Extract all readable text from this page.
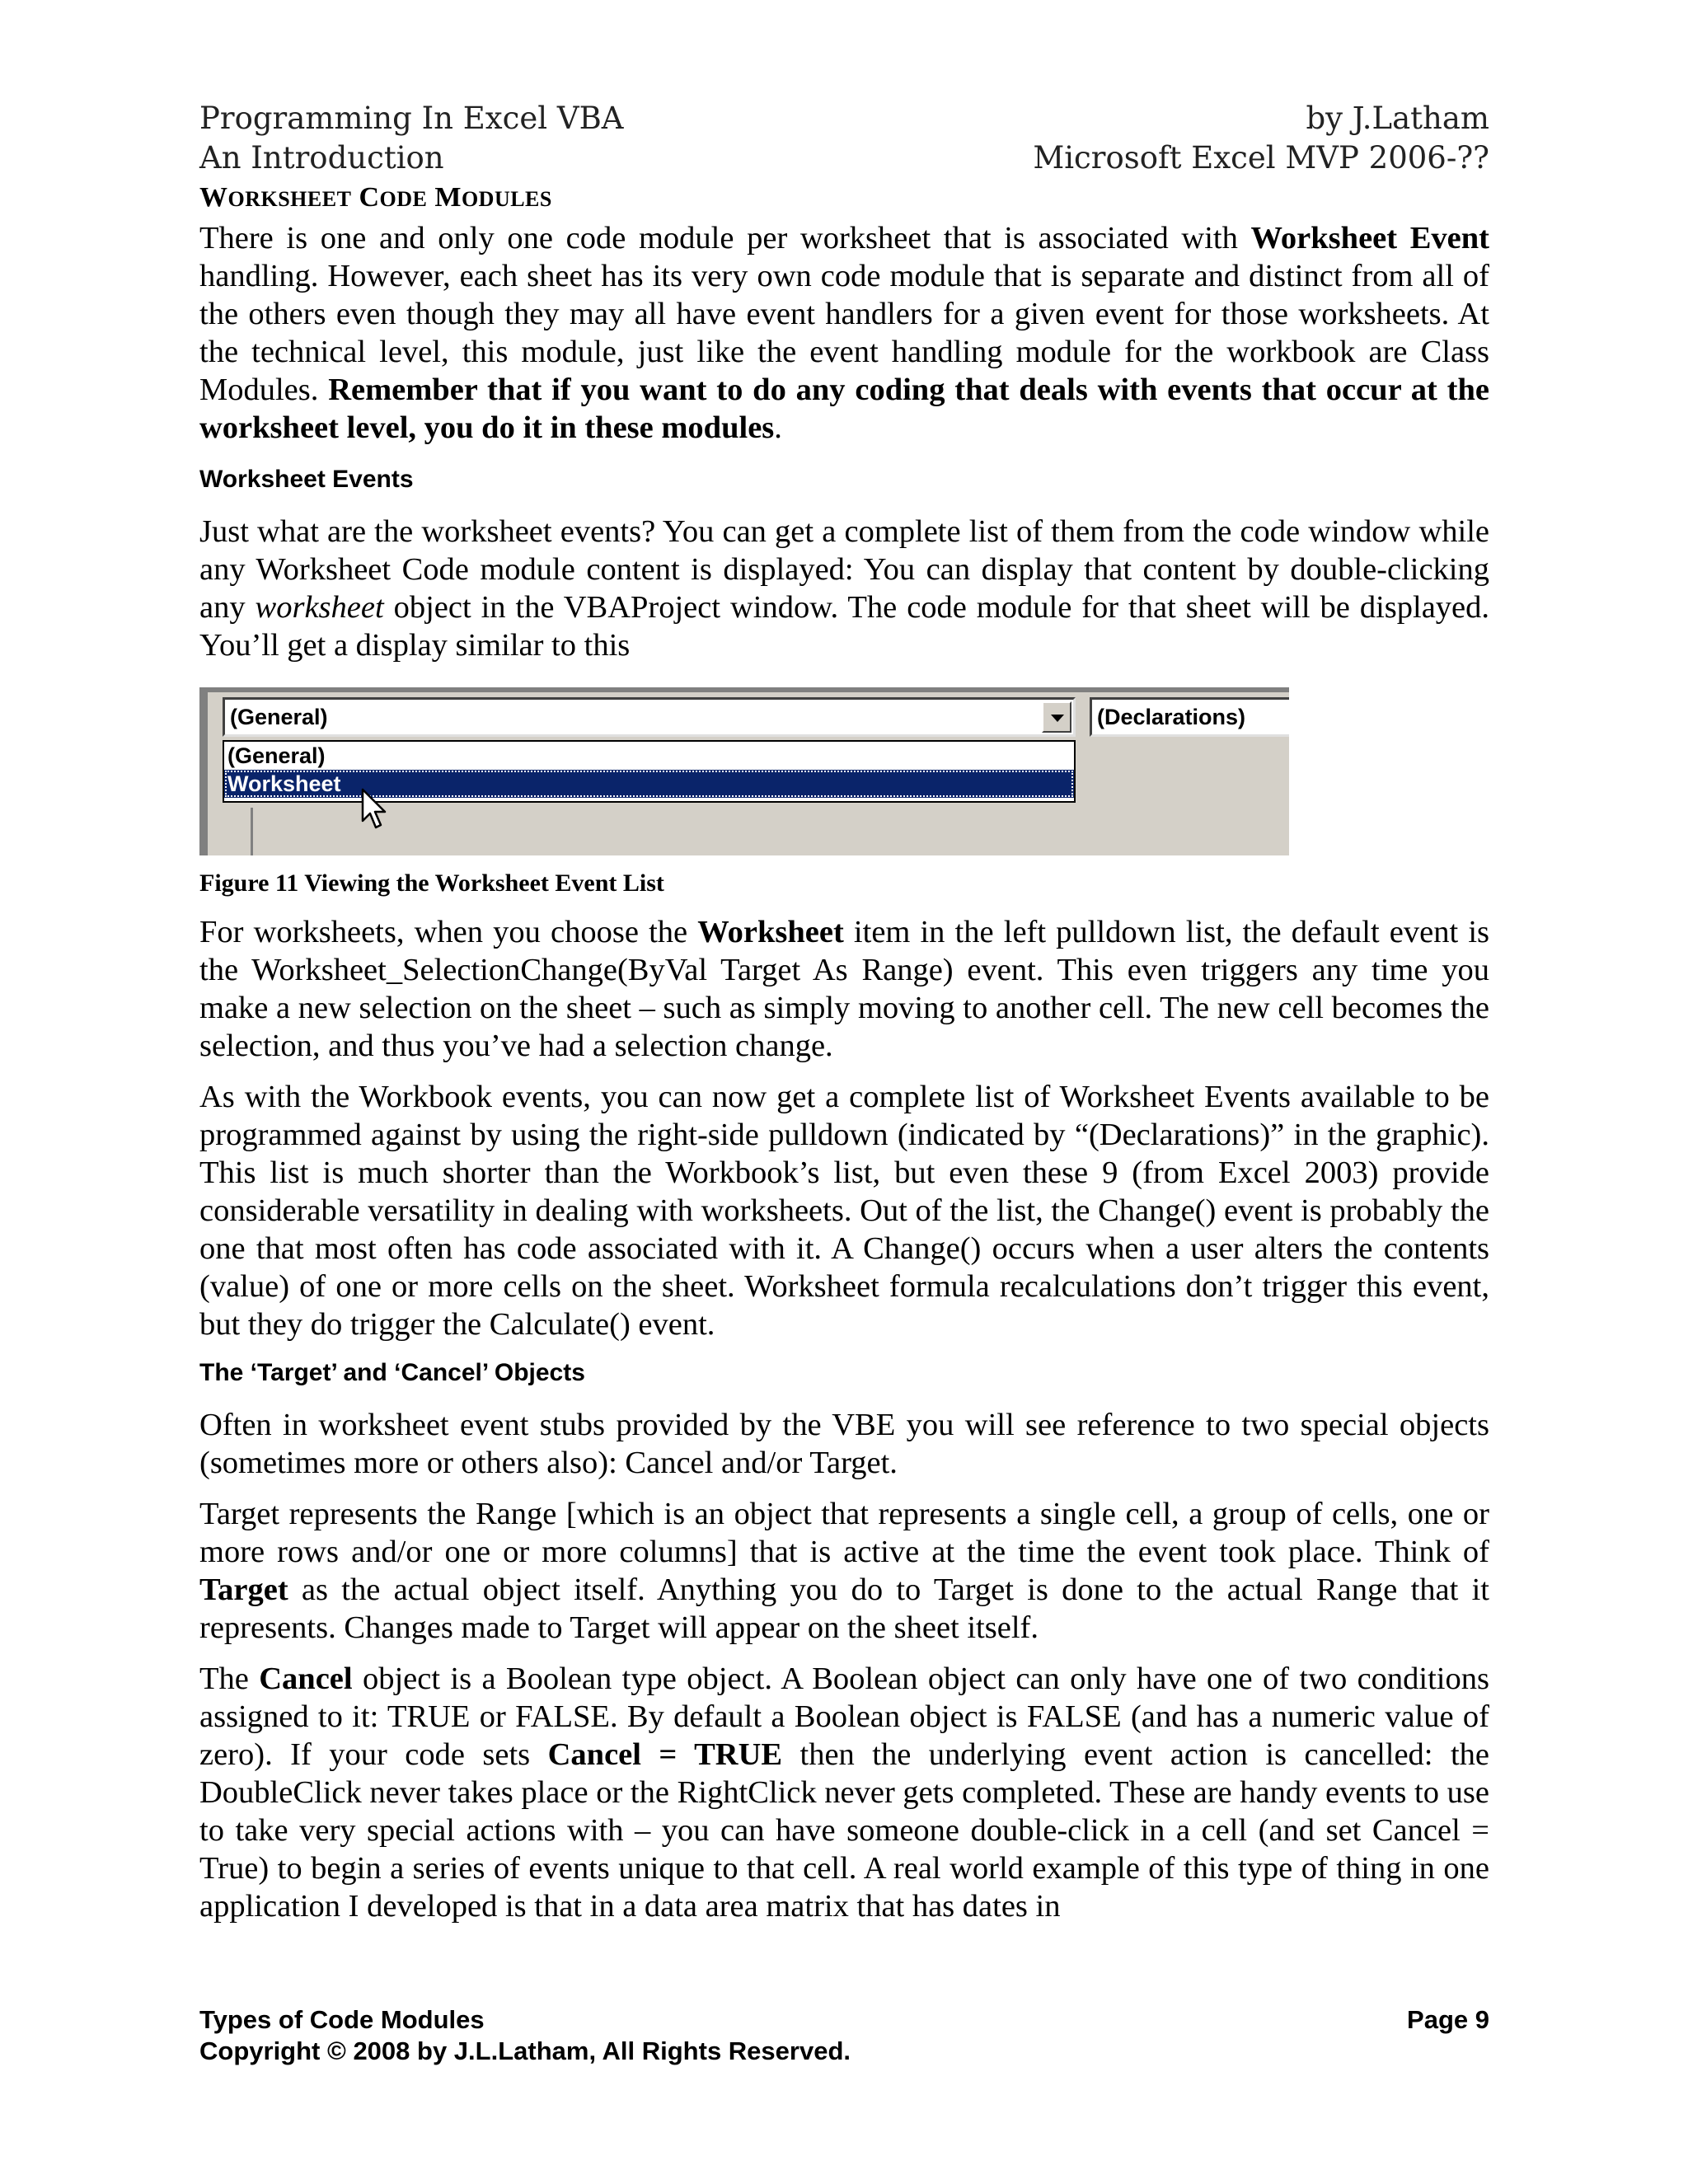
Programming In Excel VBA	by J.Latham
An Introduction	Microsoft Excel MVP 2006-??
WORKSHEET CODE MODULES

There is one and only one code module per worksheet that is associated with Worksheet Event handling. However, each sheet has its very own code module that is separate and distinct from all of the others even though they may all have event handlers for a given event for those worksheets. At the technical level, this module, just like the event handling module for the workbook are Class Modules. Remember that if you want to do any coding that deals with events that occur at the worksheet level, you do it in these modules.

Worksheet Events

Just what are the worksheet events? You can get a complete list of them from the code window while any Worksheet Code module content is displayed: You can display that content by double-clicking any worksheet object in the VBAProject window. The code module for that sheet will be displayed. You’ll get a display similar to this

(General)	(Declarations)
(General)
Worksheet
Figure 11 Viewing the Worksheet Event List

For worksheets, when you choose the Worksheet item in the left pulldown list, the default event is the Worksheet_SelectionChange(ByVal Target As Range) event. This even triggers any time you make a new selection on the sheet – such as simply moving to another cell. The new cell becomes the selection, and thus you’ve had a selection change.

As with the Workbook events, you can now get a complete list of Worksheet Events available to be programmed against by using the right-side pulldown (indicated by “(Declarations)” in the graphic). This list is much shorter than the Workbook’s list, but even these 9 (from Excel 2003) provide considerable versatility in dealing with worksheets. Out of the list, the Change() event is probably the one that most often has code associated with it. A Change() occurs when a user alters the contents (value) of one or more cells on the sheet. Worksheet formula recalculations don’t trigger this event, but they do trigger the Calculate() event.

The ‘Target’ and ‘Cancel’ Objects

Often in worksheet event stubs provided by the VBE you will see reference to two special objects (sometimes more or others also): Cancel and/or Target.

Target represents the Range [which is an object that represents a single cell, a group of cells, one or more rows and/or one or more columns] that is active at the time the event took place. Think of Target as the actual object itself. Anything you do to Target is done to the actual Range that it represents. Changes made to Target will appear on the sheet itself.

The Cancel object is a Boolean type object. A Boolean object can only have one of two conditions assigned to it: TRUE or FALSE. By default a Boolean object is FALSE (and has a numeric value of zero). If your code sets Cancel = TRUE then the underlying event action is cancelled: the DoubleClick never takes place or the RightClick never gets completed. These are handy events to use to take very special actions with – you can have someone double-click in a cell (and set Cancel = True) to begin a series of events unique to that cell. A real world example of this type of thing in one application I developed is that in a data area matrix that has dates in

Types of Code Modules	Page 9
Copyright © 2008 by J.L.Latham, All Rights Reserved.
